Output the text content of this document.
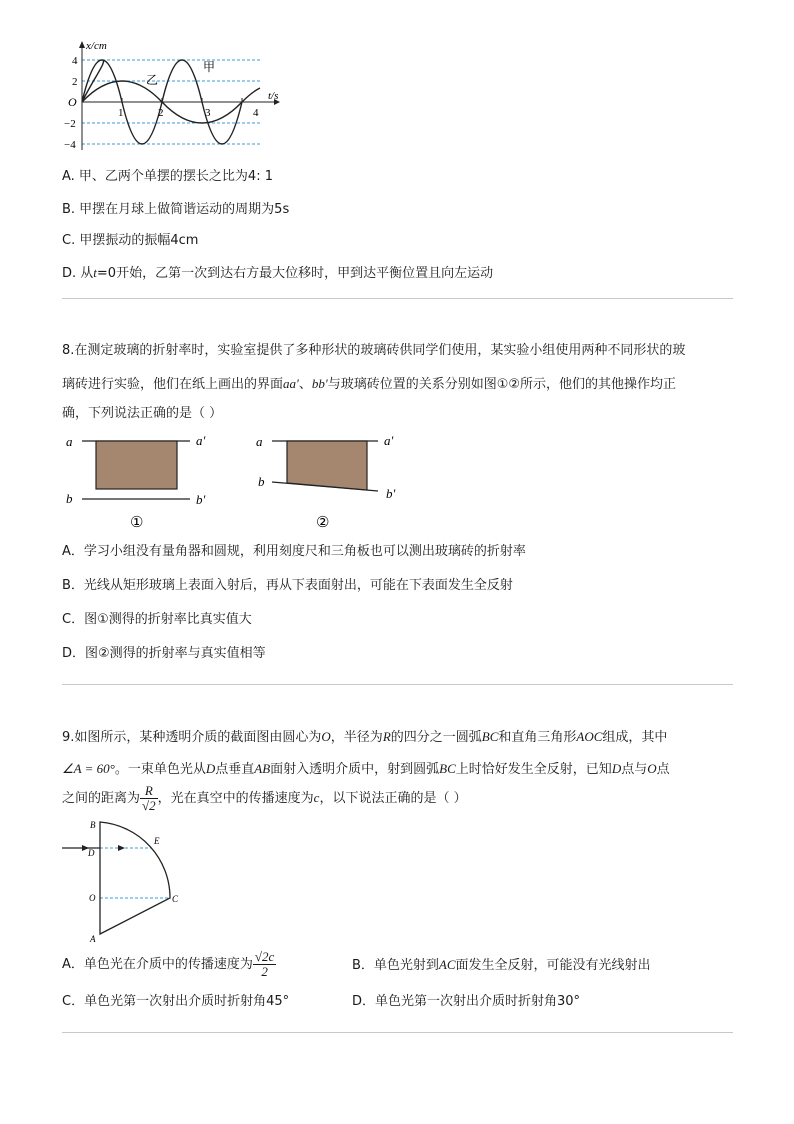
x/cm
t/s
O
4
2
−2
−4
1	2	3	4
甲
乙
A. 甲、乙两个单摆的摆长之比为4: 1
B. 甲摆在月球上做简谐运动的周期为5s
C. 甲摆振动的振幅4cm
D. 从t=0开始，乙第一次到达右方最大位移时，甲到达平衡位置且向左运动
8.在测定玻璃的折射率时，实验室提供了多种形状的玻璃砖供同学们使用，某实验小组使用两种不同形状的玻
璃砖进行实验，他们在纸上画出的界面aa′、bb′与玻璃砖位置的关系分别如图①②所示，他们的其他操作均正
确，下列说法正确的是（ ）
a	a′
b	b′
①
a	a′
b
b′
②
A．学习小组没有量角器和圆规，利用刻度尺和三角板也可以测出玻璃砖的折射率
B．光线从矩形玻璃上表面入射后，再从下表面射出，可能在下表面发生全反射
C．图①测得的折射率比真实值大
D．图②测得的折射率与真实值相等
9.如图所示，某种透明介质的截面图由圆心为O，半径为R的四分之一圆弧BC和直角三角形AOC组成，其中
∠A = 60°。一束单色光从D点垂直AB面射入透明介质中，射到圆弧BC上时恰好发生全反射，已知D点与O点
之间的距离为 $\frac{R}{√2}$ ，光在真空中的传播速度为c，以下说法正确的是（ ）
B
D
E
O	C
A
A．单色光在介质中的传播速度为 $\frac{√2c}{2}$	B．单色光射到AC面发生全反射，可能没有光线射出
C．单色光第一次射出介质时折射角45°	D．单色光第一次射出介质时折射角30°
